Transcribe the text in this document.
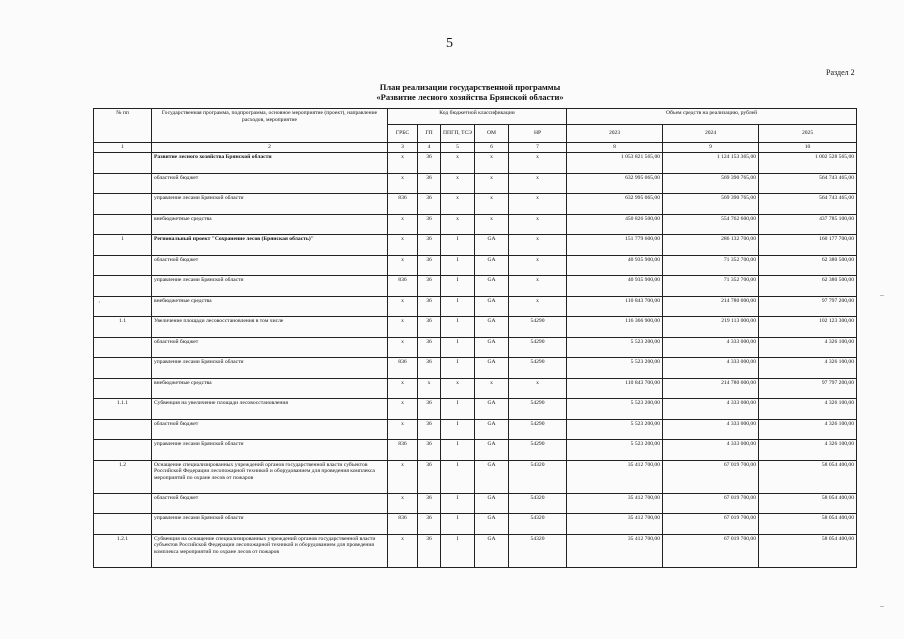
5
Раздел 2
План реализации государственной программы
«Развитие лесного хозяйства Брянской области»
№ пп	Государственная программа, подпрограмма, основное мероприятие (проект), направление расходов, мероприятие	Код бюджетной классификации					Объем средств на реализацию, рублей		
		ГРБС	ГП	ППГП, ТСЭ	ОМ	НР	2023	2024	2025
1	2	3	4	5	6	7	8	9	10
	Развитие лесного хозяйства Брянской области	х	36	х	х	х	1 053 821 565,00	1 124 153 365,00	1 002 528 565,00
	областной бюджет	х	36	х	х	х	632 995 065,00	569 390 765,00	564 743 465,00
	управление лесами Брянской области	836	36	х	х	х	632 995 065,00	569 390 765,00	564 743 465,00
	внебюджетные средства	х	36	х	х	х	450 826 500,00	554 762 600,00	437 785 100,00
1	Региональный проект "Сохранение лесов (Брянская область)"	х	36	I	GA	х	151 779 600,00	286 132 700,00	160 177 700,00
	областной бюджет	х	36	I	GA	х	40 935 900,00	71 352 700,00	62 380 500,00
	управление лесами Брянской области	836	36	I	GA	х	40 935 900,00	71 352 700,00	62 380 500,00
	внебюджетные средства	х	36	I	GA	х	110 843 700,00	214 780 000,00	97 797 200,00
1.1	Увеличение площади лесовосстановления в том числе	х	36	I	GA	54290	116 366 900,00	219 113 000,00	102 123 300,00
	областной бюджет	х	36	I	GA	54290	5 523 200,00	4 333 000,00	4 326 100,00
	управление лесами Брянской области	836	36	I	GA	54290	5 523 200,00	4 333 000,00	4 326 100,00
	внебюджетные средства	х	х	х	х	х	110 843 700,00	214 780 000,00	97 797 200,00
1.1.1	Субвенция на увеличение площади лесовосстановления	х	36	I	GA	54290	5 523 200,00	4 333 000,00	4 326 100,00
	областной бюджет	х	36	I	GA	54290	5 523 200,00	4 333 000,00	4 326 100,00
	управление лесами Брянской области	836	36	I	GA	54290	5 523 200,00	4 333 000,00	4 326 100,00
1.2	Оснащение специализированных учреждений органов государственной власти субъектов Российской Федерации лесопожарной техникой и оборудованием для проведения комплекса мероприятий по охране лесов от пожаров	х	36	I	GA	54320	35 412 700,00	67 019 700,00	58 054 400,00
	областной бюджет	х	36	I	GA	54320	35 412 700,00	67 019 700,00	58 054 400,00
	управление лесами Брянской области	836	36	I	GA	54320	35 412 700,00	67 019 700,00	58 054 400,00
1.2.1	Субвенция на оснащение специализированных учреждений органов государственной власти субъектов Российской Федерации лесопожарной техникой и оборудованием для проведения комплекса мероприятий по охране лесов от пожаров	х	36	I	GA	54320	35 412 700,00	67 019 700,00	58 054 400,00
·
–
–
